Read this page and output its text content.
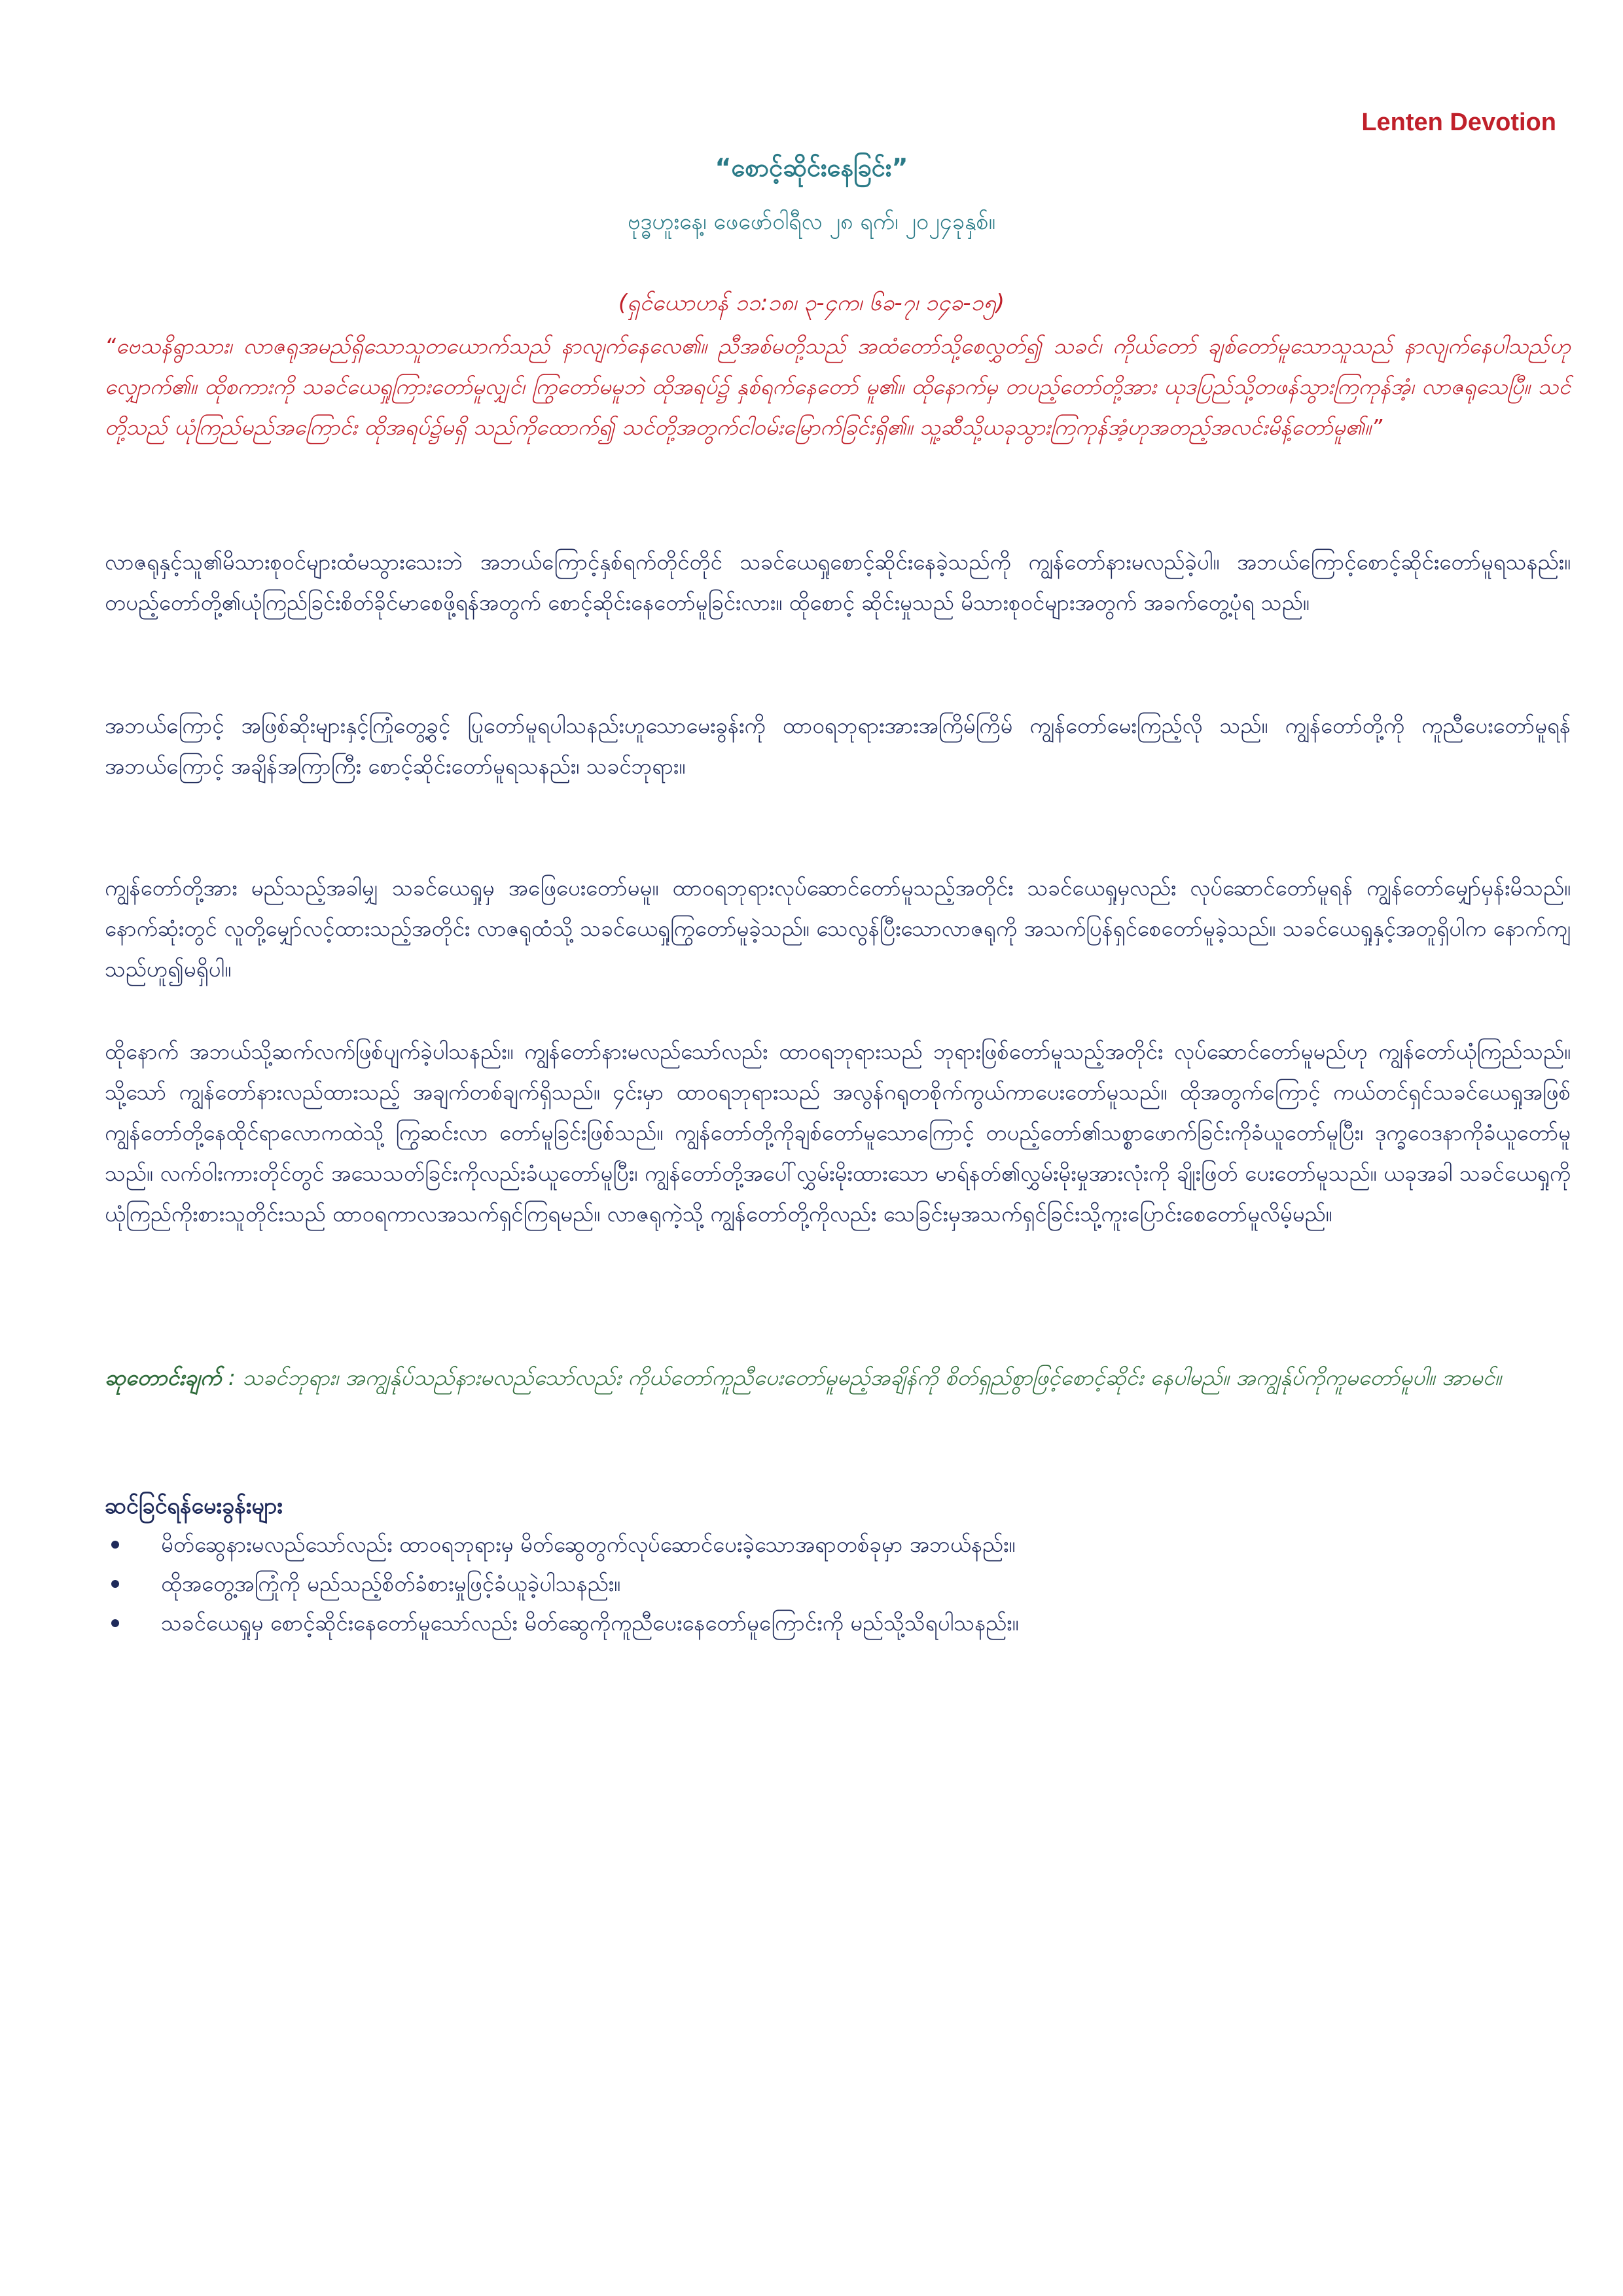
Lenten Devotion
“စောင့်ဆိုင်းနေခြင်း”
ဗုဒ္ဓဟူးနေ့၊ ဖေဖော်ဝါရီလ ၂၈ ရက်၊ ၂၀၂၄ခုနှစ်။
(ရှင်ယောဟန် ၁၁:၁၈၊ ၃-၄က၊ ၆ခ-၇၊ ၁၄ခ-၁၅)
“ဗေသနိရွာသား၊ လာဇရုအမည်ရှိသောသူတယောက်သည် နာလျက်နေလေ၏။ ညီအစ်မတို့သည် အထံတော်သို့စေလွှတ်၍ သခင်၊ ကိုယ်တော် ချစ်တော်မူသောသူသည် နာလျက်နေပါသည်ဟုလျှောက်၏။ ထိုစကားကို သခင်ယေရှုကြားတော်မူလျှင်၊ ကြွတော်မမူဘဲ ထိုအရပ်၌ နှစ်ရက်နေတော် မူ၏။ ထိုနောက်မှ တပည့်တော်တို့အား ယုဒပြည်သို့တဖန်သွားကြကုန်အံ့၊ လာဇရုသေပြီ။ သင်တို့သည် ယုံကြည်မည်အကြောင်း ထိုအရပ်၌မရှိ သည်ကိုထောက်၍ သင်တို့အတွက်ငါဝမ်းမြောက်ခြင်းရှိ၏။ သူ့ဆီသို့ယခုသွားကြကုန်အံ့ဟုအတည့်အလင်းမိန့်တော်မူ၏။”
လာဇရုနှင့်သူ၏မိသားစုဝင်များထံမသွားသေးဘဲ အဘယ်ကြောင့်နှစ်ရက်တိုင်တိုင် သခင်ယေရှုစောင့်ဆိုင်းနေခဲ့သည်ကို ကျွန်တော်နားမလည်ခဲ့ပါ။ အဘယ်ကြောင့်စောင့်ဆိုင်းတော်မူရသနည်း။ တပည့်တော်တို့၏ယုံကြည်ခြင်းစိတ်ခိုင်မာစေဖို့ရန်အတွက် စောင့်ဆိုင်းနေတော်မူခြင်းလား။ ထိုစောင့် ဆိုင်းမှုသည် မိသားစုဝင်များအတွက် အခက်တွေ့ပုံရ သည်။
အဘယ်ကြောင့် အဖြစ်ဆိုးများနှင့်ကြုံတွေ့ခွင့် ပြုတော်မူရပါသနည်းဟူသောမေးခွန်းကို ထာဝရဘုရားအားအကြိမ်ကြိမ် ကျွန်တော်မေးကြည့်လို သည်။ ကျွန်တော်တို့ကို ကူညီပေးတော်မူရန်အဘယ်ကြောင့် အချိန်အကြာကြီး စောင့်ဆိုင်းတော်မူရသနည်း၊ သခင်ဘုရား။
ကျွန်တော်တို့အား မည်သည့်အခါမျှ သခင်ယေရှုမှ အဖြေပေးတော်မမူ။ ထာဝရဘုရားလုပ်ဆောင်တော်မူသည့်အတိုင်း သခင်ယေရှုမှလည်း လုပ်ဆောင်တော်မူရန် ကျွန်တော်မျှော်မှန်းမိသည်။ နောက်ဆုံးတွင် လူတို့မျှော်လင့်ထားသည့်အတိုင်း လာဇရုထံသို့ သခင်ယေရှုကြွတော်မူခဲ့သည်။ သေလွန်ပြီးသောလာဇရုကို အသက်ပြန်ရှင်စေတော်မူခဲ့သည်။ သခင်ယေရှုနှင့်အတူရှိပါက နောက်ကျသည်ဟူ၍မရှိပါ။
ထိုနောက် အဘယ်သို့ဆက်လက်ဖြစ်ပျက်ခဲ့ပါသနည်း။ ကျွန်တော်နားမလည်သော်လည်း ထာဝရဘုရားသည် ဘုရားဖြစ်တော်မူသည့်အတိုင်း လုပ်ဆောင်တော်မူမည်ဟု ကျွန်တော်ယုံကြည်သည်။ သို့သော် ကျွန်တော်နားလည်ထားသည့် အချက်တစ်ချက်ရှိသည်။ ၄င်းမှာ ထာဝရဘုရားသည် အလွန်ဂရုတစိုက်ကွယ်ကာပေးတော်မူသည်။ ထိုအတွက်ကြောင့် ကယ်တင်ရှင်သခင်ယေရှုအဖြစ် ကျွန်တော်တို့နေထိုင်ရာလောကထဲသို့ ကြွဆင်းလာ တော်မူခြင်းဖြစ်သည်။ ကျွန်တော်တို့ကိုချစ်တော်မူသောကြောင့် တပည့်တော်၏သစ္စာဖောက်ခြင်းကိုခံယူတော်မူပြီး၊ ဒုက္ခဝေဒနာကိုခံယူတော်မူသည်။ လက်ဝါးကားတိုင်တွင် အသေသတ်ခြင်းကိုလည်းခံယူတော်မူပြီး၊ ကျွန်တော်တို့အပေါ်လွှမ်းမိုးထားသော မာရ်နတ်၏လွှမ်းမိုးမှုအားလုံးကို ချိုးဖြတ် ပေးတော်မူသည်။ ယခုအခါ သခင်ယေရှုကို ယုံကြည်ကိုးစားသူတိုင်းသည် ထာဝရကာလအသက်ရှင်ကြရမည်။ လာဇရုကဲ့သို့ ကျွန်တော်တို့ကိုလည်း သေခြင်းမှအသက်ရှင်ခြင်းသို့ကူးပြောင်းစေတော်မူလိမ့်မည်။
ဆုတောင်းချက် : သခင်ဘုရား၊ အကျွန်ုပ်သည်နားမလည်သော်လည်း ကိုယ်တော်ကူညီပေးတော်မူမည့်အချိန်ကို စိတ်ရှည်စွာဖြင့်စောင့်ဆိုင်း နေပါမည်။ အကျွန်ုပ်ကိုကူမတော်မူပါ။ အာမင်။
ဆင်ခြင်ရန်မေးခွန်းများ
မိတ်ဆွေနားမလည်သော်လည်း ထာဝရဘုရားမှ မိတ်ဆွေတွက်လုပ်ဆောင်ပေးခဲ့သောအရာတစ်ခုမှာ အဘယ်နည်း။
ထိုအတွေ့အကြုံကို မည်သည့်စိတ်ခံစားမှုဖြင့်ခံယူခဲ့ပါသနည်း။
သခင်ယေရှုမှ စောင့်ဆိုင်းနေတော်မူသော်လည်း မိတ်ဆွေကိုကူညီပေးနေတော်မူကြောင်းကို မည်သို့သိရပါသနည်း။
